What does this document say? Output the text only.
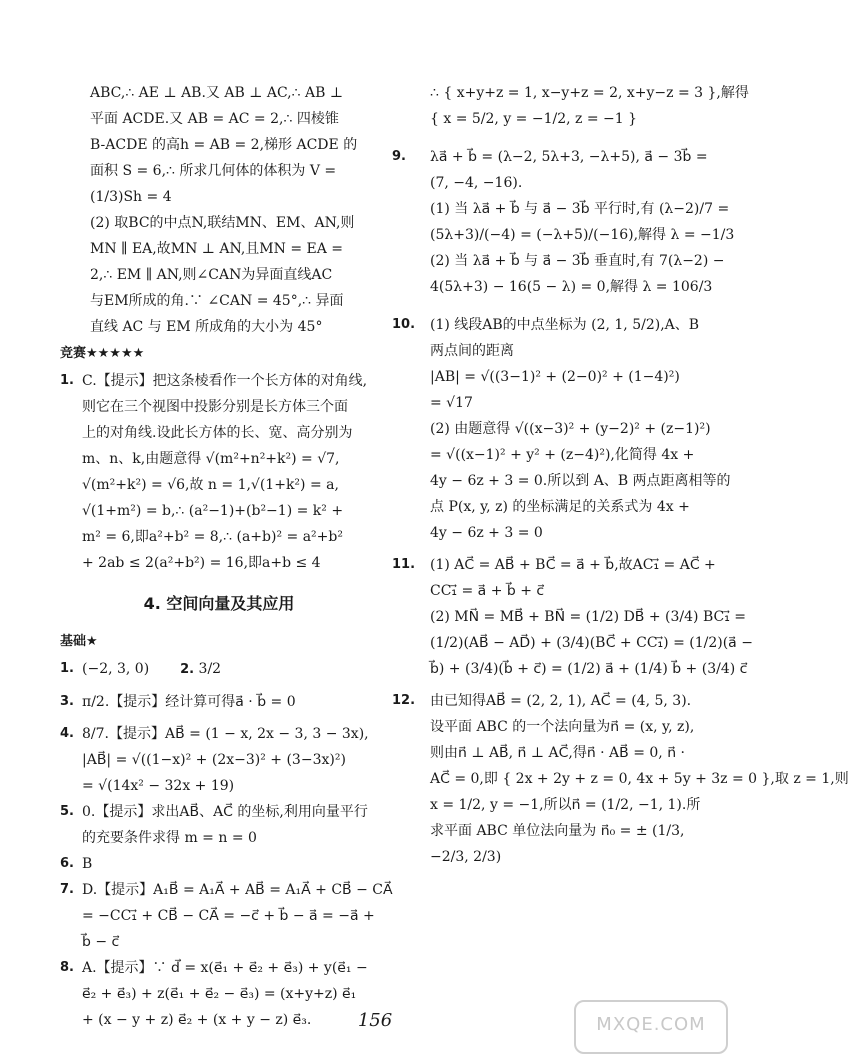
ABC,∴ AE ⊥ AB.又 AB ⊥ AC,∴ AB ⊥
平面 ACDE.又 AB = AC = 2,∴ 四棱锥
B-ACDE 的高h = AB = 2,梯形 ACDE 的
面积 S = 6,∴ 所求几何体的体积为 V =
(1/3)Sh = 4
(2) 取BC的中点N,联结MN、EM、AN,则
MN ∥ EA,故MN ⊥ AN,且MN = EA =
2,∴ EM ∥ AN,则∠CAN为异面直线AC
与EM所成的角.∵ ∠CAN = 45°,∴ 异面
直线 AC 与 EM 所成角的大小为 45°
竞赛★★★★★
1. C.【提示】把这条棱看作一个长方体的对角线,
则它在三个视图中投影分别是长方体三个面
上的对角线.设此长方体的长、宽、高分别为
m、n、k,由题意得 √(m²+n²+k²) = √7,
√(m²+k²) = √6,故 n = 1,√(1+k²) = a,
√(1+m²) = b,∴ (a²−1)+(b²−1) = k² +
m² = 6,即a²+b² = 8,∴ (a+b)² = a²+b²
+ 2ab ≤ 2(a²+b²) = 16,即a+b ≤ 4
4. 空间向量及其应用
基础★
1. (−2, 3, 0) 2. 3/2
3. π/2.【提示】经计算可得a⃗ · b⃗ = 0
4. 8/7.【提示】AB⃗ = (1 − x, 2x − 3, 3 − 3x),
|AB⃗| = √((1−x)² + (2x−3)² + (3−3x)²)
= √(14x² − 32x + 19)
5. 0.【提示】求出AB⃗、AC⃗ 的坐标,利用向量平行
的充要条件求得 m = n = 0
6. B
7. D.【提示】A₁B⃗ = A₁A⃗ + AB⃗ = A₁A⃗ + CB⃗ − CA⃗
= −CC₁⃗ + CB⃗ − CA⃗ = −c⃗ + b⃗ − a⃗ = −a⃗ +
b⃗ − c⃗
8. A.【提示】∵ d⃗ = x(e⃗₁ + e⃗₂ + e⃗₃) + y(e⃗₁ −
e⃗₂ + e⃗₃) + z(e⃗₁ + e⃗₂ − e⃗₃) = (x+y+z) e⃗₁
+ (x − y + z) e⃗₂ + (x + y − z) e⃗₃.
∴ { x+y+z = 1, x−y+z = 2, x+y−z = 3 },解得
{ x = 5/2, y = −1/2, z = −1 }
9. λa⃗ + b⃗ = (λ−2, 5λ+3, −λ+5), a⃗ − 3b⃗ =
(7, −4, −16).
(1) 当 λa⃗ + b⃗ 与 a⃗ − 3b⃗ 平行时,有 (λ−2)/7 =
(5λ+3)/(−4) = (−λ+5)/(−16),解得 λ = −1/3
(2) 当 λa⃗ + b⃗ 与 a⃗ − 3b⃗ 垂直时,有 7(λ−2) −
4(5λ+3) − 16(5 − λ) = 0,解得 λ = 106/3
10. (1) 线段AB的中点坐标为 (2, 1, 5/2),A、B
两点间的距离
|AB| = √((3−1)² + (2−0)² + (1−4)²)
= √17
(2) 由题意得 √((x−3)² + (y−2)² + (z−1)²)
= √((x−1)² + y² + (z−4)²),化简得 4x +
4y − 6z + 3 = 0.所以到 A、B 两点距离相等的
点 P(x, y, z) 的坐标满足的关系式为 4x +
4y − 6z + 3 = 0
11. (1) AC⃗ = AB⃗ + BC⃗ = a⃗ + b⃗,故AC₁⃗ = AC⃗ +
CC₁⃗ = a⃗ + b⃗ + c⃗
(2) MN⃗ = MB⃗ + BN⃗ = (1/2) DB⃗ + (3/4) BC₁⃗ =
(1/2)(AB⃗ − AD⃗) + (3/4)(BC⃗ + CC₁⃗) = (1/2)(a⃗ −
b⃗) + (3/4)(b⃗ + c⃗) = (1/2) a⃗ + (1/4) b⃗ + (3/4) c⃗
12. 由已知得AB⃗ = (2, 2, 1), AC⃗ = (4, 5, 3).
设平面 ABC 的一个法向量为n⃗ = (x, y, z),
则由n⃗ ⊥ AB⃗, n⃗ ⊥ AC⃗,得n⃗ · AB⃗ = 0, n⃗ ·
AC⃗ = 0,即 { 2x + 2y + z = 0, 4x + 5y + 3z = 0 },取 z = 1,则
x = 1/2, y = −1,所以n⃗ = (1/2, −1, 1).所
求平面 ABC 单位法向量为 n⃗₀ = ± (1/3,
−2/3, 2/3)
156	MXQE.COM
